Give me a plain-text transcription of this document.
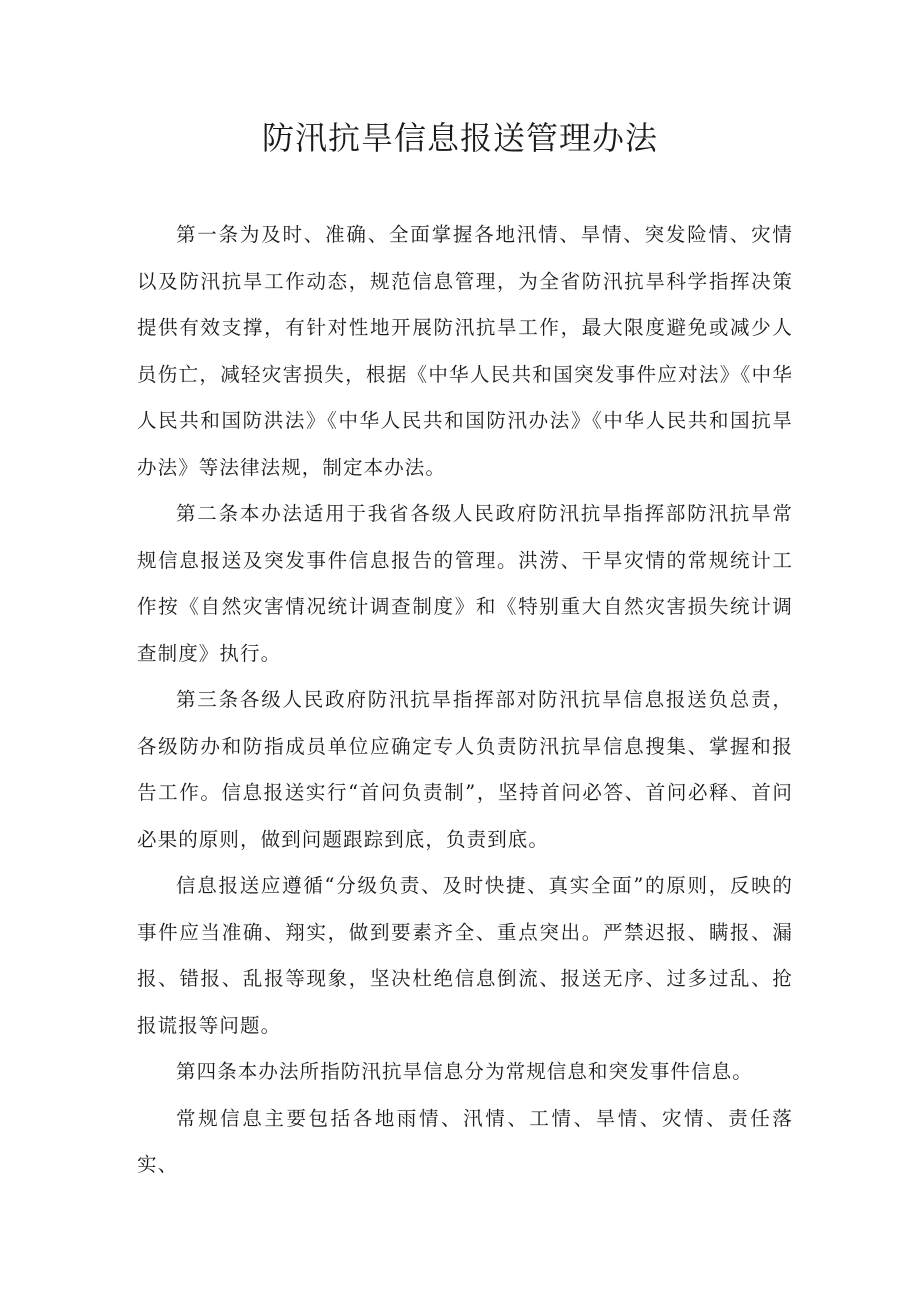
防汛抗旱信息报送管理办法

第一条为及时、准确、全面掌握各地汛情、旱情、突发险情、灾情以及防汛抗旱工作动态，规范信息管理，为全省防汛抗旱科学指挥决策提供有效支撑，有针对性地开展防汛抗旱工作，最大限度避免或减少人员伤亡，减轻灾害损失，根据《中华人民共和国突发事件应对法》《中华人民共和国防洪法》《中华人民共和国防汛办法》《中华人民共和国抗旱办法》等法律法规，制定本办法。

第二条本办法适用于我省各级人民政府防汛抗旱指挥部防汛抗旱常规信息报送及突发事件信息报告的管理。洪涝、干旱灾情的常规统计工作按《自然灾害情况统计调查制度》和《特别重大自然灾害损失统计调查制度》执行。

第三条各级人民政府防汛抗旱指挥部对防汛抗旱信息报送负总责，各级防办和防指成员单位应确定专人负责防汛抗旱信息搜集、掌握和报告工作。信息报送实行“首问负责制”，坚持首问必答、首问必释、首问必果的原则，做到问题跟踪到底，负责到底。

信息报送应遵循“分级负责、及时快捷、真实全面”的原则，反映的事件应当准确、翔实，做到要素齐全、重点突出。严禁迟报、瞒报、漏报、错报、乱报等现象，坚决杜绝信息倒流、报送无序、过多过乱、抢报谎报等问题。

第四条本办法所指防汛抗旱信息分为常规信息和突发事件信息。

常规信息主要包括各地雨情、汛情、工情、旱情、灾情、责任落实、
